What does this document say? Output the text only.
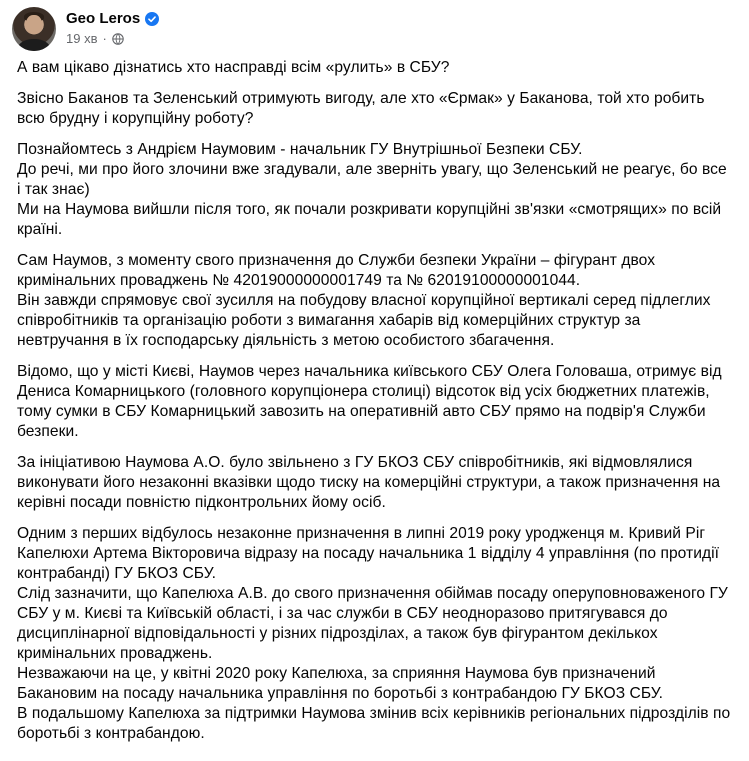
Geo Leros
19 хв ·

А вам цікаво дізнатись хто насправді всім «рулить» в СБУ?

Звісно Баканов та Зеленський отримують вигоду, але хто «Єрмак» у Баканова, той хто робить всю брудну і корупційну роботу?

Познайомтесь з Андрієм Наумовим - начальник ГУ Внутрішньої Безпеки СБУ.
До речі, ми про його злочини вже згадували, але зверніть увагу, що Зеленський не реагує, бо все і так знає)
Ми на Наумова вийшли після того, як почали розкривати корупційні зв'язки «смотрящих» по всій країні.

Сам Наумов, з моменту свого призначення до Служби безпеки України – фігурант двох кримінальних проваджень № 42019000000001749 та № 62019100000001044.
Він завжди спрямовує свої зусилля на побудову власної корупційної вертикалі серед підлеглих співробітників та організацію роботи з вимагання хабарів від комерційних структур за невтручання в їх господарську діяльність з метою особистого збагачення.

Відомо, що у місті Києві, Наумов через начальника київського СБУ Олега Головаша, отримує від Дениса Комарницького (головного корупціонера столиці) відсоток від усіх бюджетних платежів, тому сумки в СБУ Комарницький завозить на оперативній авто СБУ прямо на подвір'я Служби безпеки.

За ініціативою Наумова А.О. було звільнено з ГУ БКОЗ СБУ співробітників, які відмовлялися виконувати його незаконні вказівки щодо тиску на комерційні структури, а також призначення на керівні посади повністю підконтрольних йому осіб.

Одним з перших відбулось незаконне призначення в липні 2019 року уродженця м. Кривий Ріг Капелюхи Артема Вікторовича відразу на посаду начальника 1 відділу 4 управління (по протидії контрабанді) ГУ БКОЗ СБУ.
Слід зазначити, що Капелюха А.В. до свого призначення обіймав посаду оперуповноваженого ГУ СБУ у м. Києві та Київській області, і за час служби в СБУ неодноразово притягувався до дисциплінарної відповідальності у різних підрозділах, а також був фігурантом декількох кримінальних проваджень.
Незважаючи на це, у квітні 2020 року Капелюха, за сприяння Наумова був призначений Бакановим на посаду начальника управління по боротьбі з контрабандою ГУ БКОЗ СБУ.
В подальшому Капелюха за підтримки Наумова змінив всіх керівників регіональних підрозділів по боротьбі з контрабандою.
